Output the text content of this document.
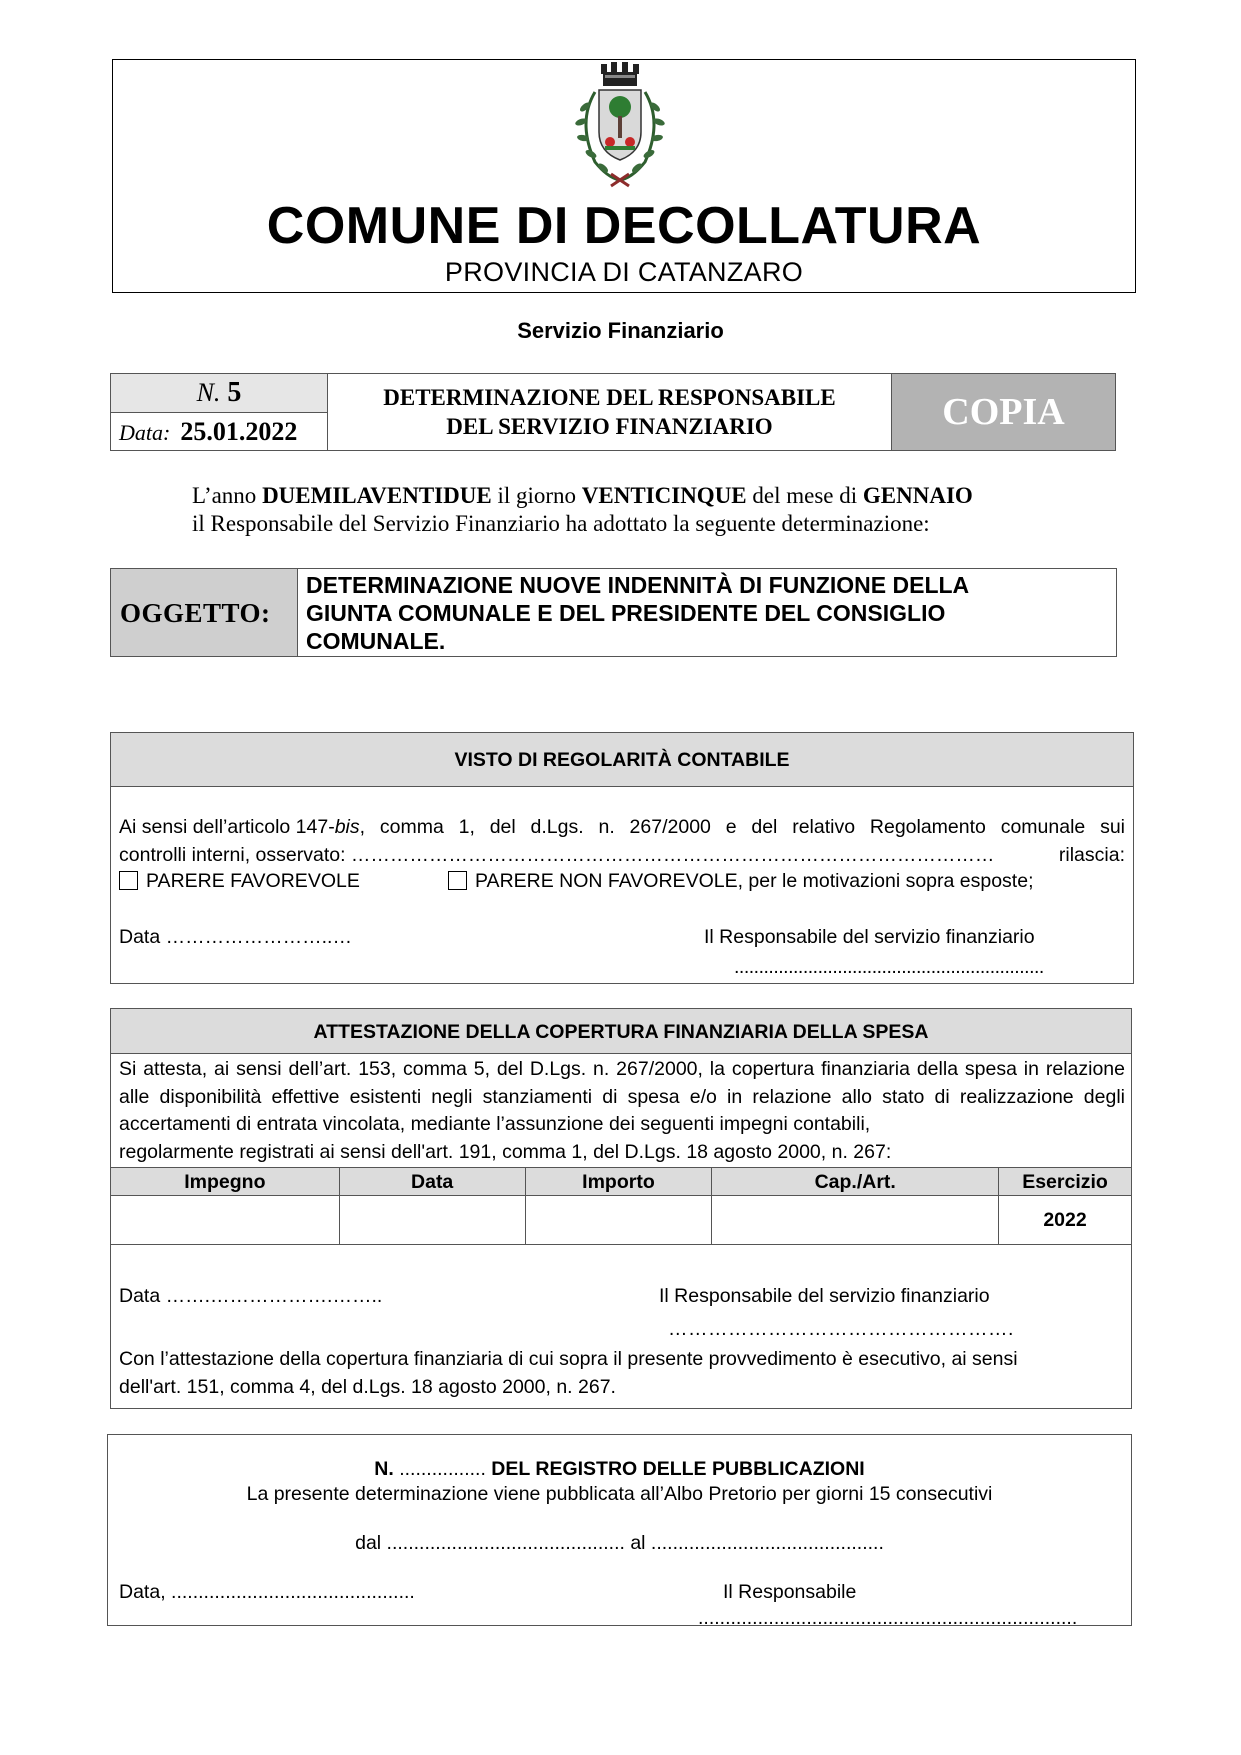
COMUNE DI DECOLLATURA
PROVINCIA DI CATANZARO
Servizio Finanziario
N. 5
Data: 25.01.2022
DETERMINAZIONE DEL RESPONSABILE
DEL SERVIZIO FINANZIARIO	COPIA
L’anno DUEMILAVENTIDUE il giorno VENTICINQUE del mese di GENNAIO
il Responsabile del Servizio Finanziario ha adottato la seguente determinazione:
OGGETTO:
DETERMINAZIONE NUOVE INDENNITÀ DI FUNZIONE DELLA
GIUNTA COMUNALE E DEL PRESIDENTE DEL CONSIGLIO
COMUNALE.
VISTO DI REGOLARITÀ CONTABILE
Ai sensi dell’articolo 147-bis , comma 1, del d.Lgs. n. 267/2000 e del relativo Regolamento comunale sui
controlli interni, osservato: ………………………………………………………………………………………	rilascia:
PARERE FAVOREVOLE	PARERE NON FAVOREVOLE, per le motivazioni sopra esposte;
Data ……………………..…	Il Responsabile del servizio finanziario
...............................................................
ATTESTAZIONE DELLA COPERTURA FINANZIARIA DELLA SPESA
Si attesta, ai sensi dell’art. 153, comma 5, del D.Lgs. n. 267/2000, la copertura finanziaria della spesa in relazione alle disponibilità effettive esistenti negli stanziamenti di spesa e/o in relazione allo stato di realizzazione degli accertamenti di entrata vincolata, mediante l’assunzione dei seguenti impegni contabili,
regolarmente registrati ai sensi dell'art. 191, comma 1, del D.Lgs. 18 agosto 2000, n. 267:
Impegno	Data	Importo	Cap./Art.	Esercizio
				2022
Data …….……………….……..	Il Responsabile del servizio finanziario
…………………………………………….
Con l’attestazione della copertura finanziaria di cui sopra il presente provvedimento è esecutivo, ai sensi
dell'art. 151, comma 4, del d.Lgs. 18 agosto 2000, n. 267.
N. ................ DEL REGISTRO DELLE PUBBLICAZIONI
La presente determinazione viene pubblicata all’Albo Pretorio per giorni 15 consecutivi
dal ............................................ al ...........................................
Data, .............................................	Il Responsabile
......................................................................
